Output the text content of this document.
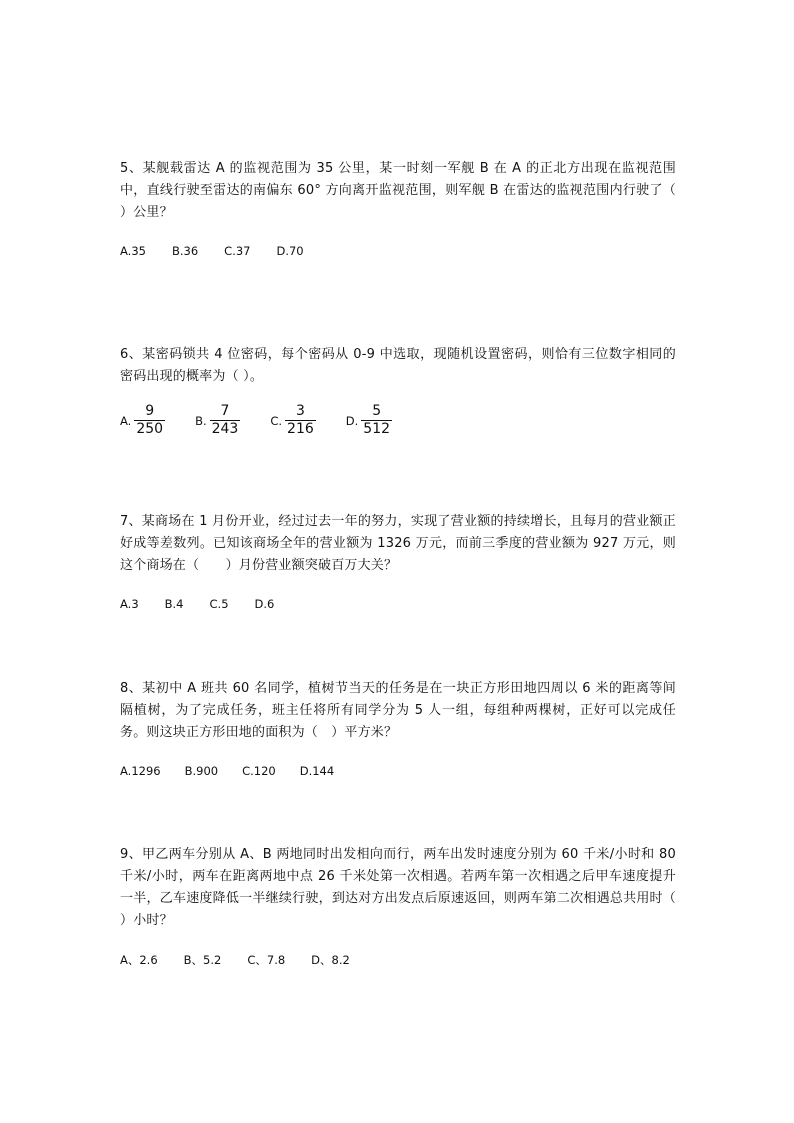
5、某舰载雷达 A 的监视范围为 35 公里，某一时刻一军舰 B 在 A 的正北方出现在监视范围中，直线行驶至雷达的南偏东 60° 方向离开监视范围，则军舰 B 在雷达的监视范围内行驶了（ ）公里？

A.35 B.36 C.37 D.70

6、某密码锁共 4 位密码，每个密码从 0-9 中选取，现随机设置密码，则恰有三位数字相同的密码出现的概率为（ ）。

A. $\frac{9}{250}$	B. $\frac{7}{243}$	C. $\frac{3}{216}$	D. $\frac{5}{512}$

7、某商场在 1 月份开业，经过过去一年的努力，实现了营业额的持续增长，且每月的营业额正好成等差数列。已知该商场全年的营业额为 1326 万元，而前三季度的营业额为 927 万元，则这个商场在（　　）月份营业额突破百万大关？

A.3 B.4 C.5 D.6

8、某初中 A 班共 60 名同学，植树节当天的任务是在一块正方形田地四周以 6 米的距离等间隔植树，为了完成任务，班主任将所有同学分为 5 人一组，每组种两棵树，正好可以完成任务。则这块正方形田地的面积为（　）平方米？

A.1296 B.900 C.120 D.144

9、甲乙两车分别从 A、B 两地同时出发相向而行，两车出发时速度分别为 60 千米/小时和 80 千米/小时，两车在距离两地中点 26 千米处第一次相遇。若两车第一次相遇之后甲车速度提升一半，乙车速度降低一半继续行驶，到达对方出发点后原速返回，则两车第二次相遇总共用时（ ）小时？

A、2.6 B、5.2 C、7.8 D、8.2
